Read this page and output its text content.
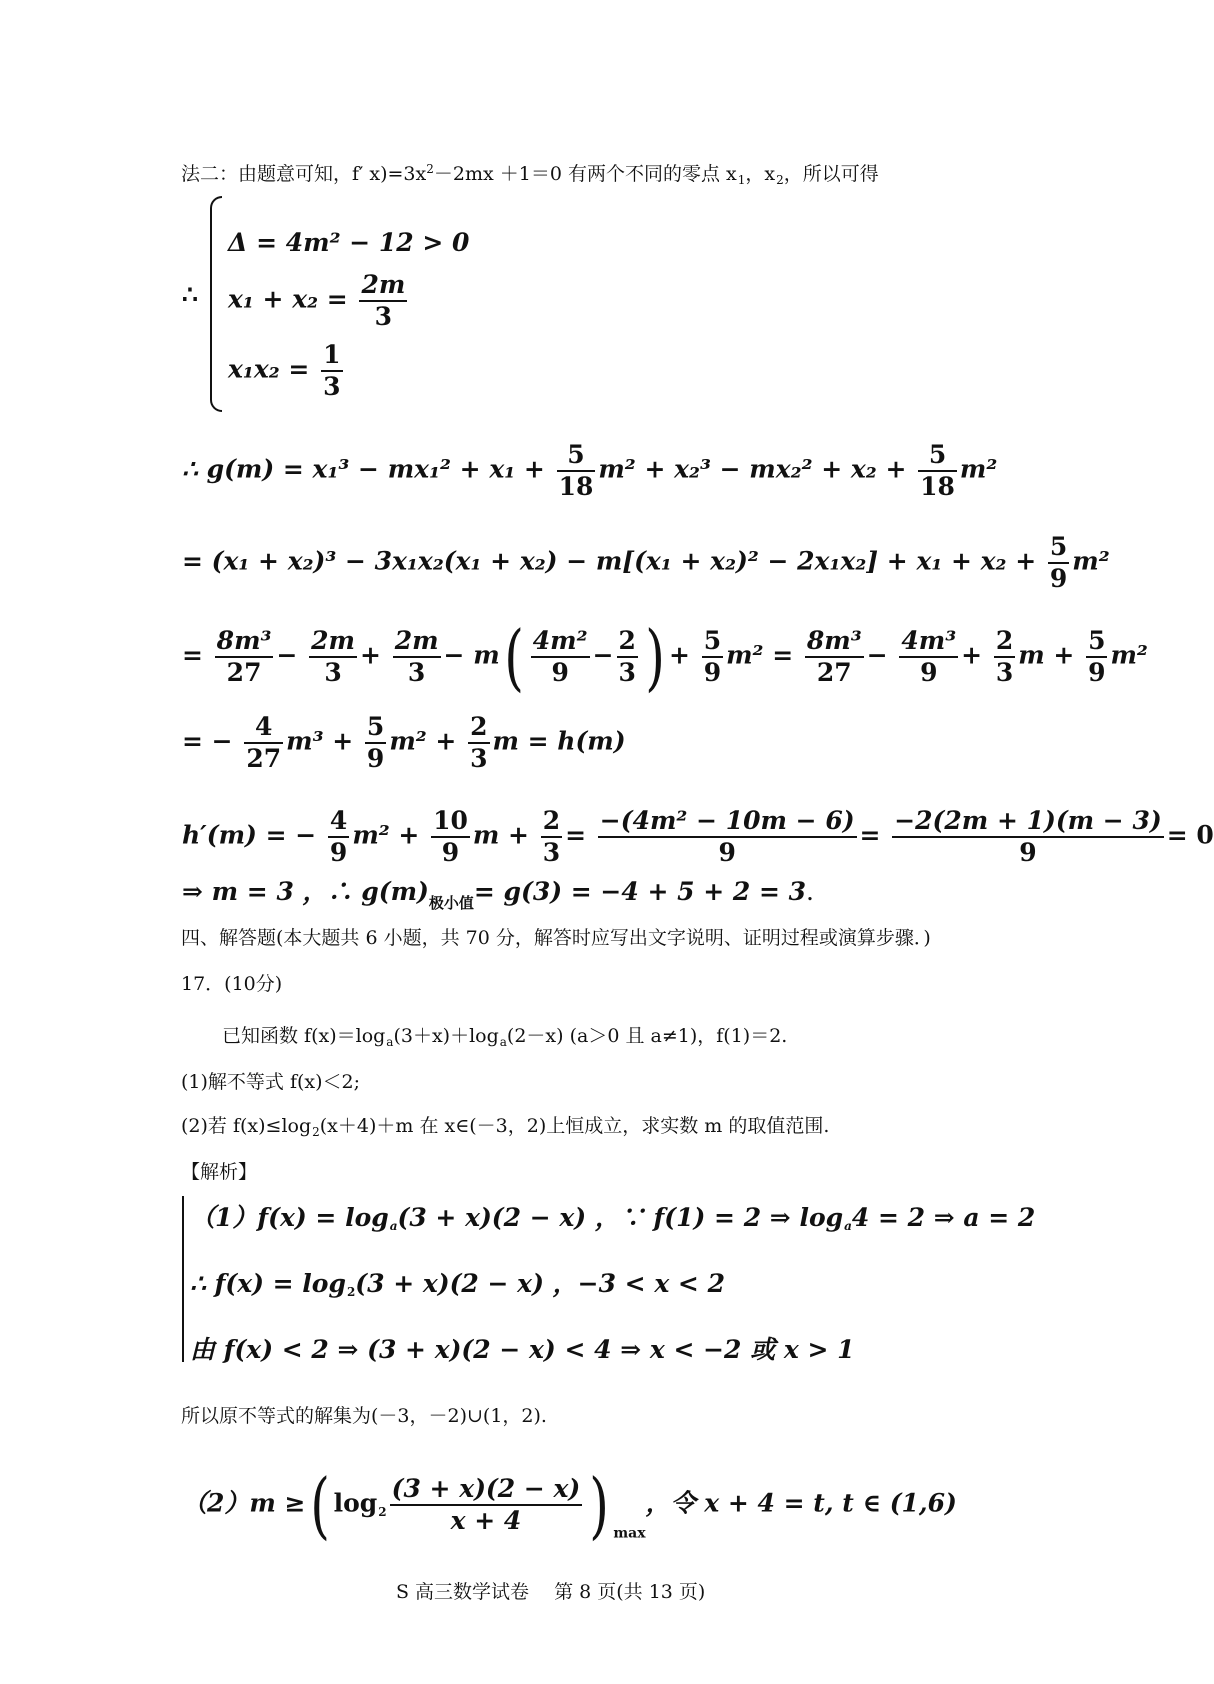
法二：由题意可知，f′ $x)=3x^2-2mx +1=0$ 有两个不同的零点 $x_1$，$x_2$，所以可得
∴
Δ = 4m² − 12 > 0
$x_1 + x_2 = \frac{2m}{3}$
$x_1x_2 = \frac{1}{3}$
∴ $g(m) = x_1^3 - mx_1^2 + x_1 + \frac{5}{18} m^2 + x_2^3 - mx_2^2 + x_2 + \frac{5}{18} m^2$
= $(x_1 + x_2)^3 - 3x_1x_2(x_1 + x_2) - m[(x_1 + x_2)^2 - 2x_1x_2] + x_1 + x_2 + \frac{5}{9} m^2$
= $\frac{\text{8m³}}{27} - \frac{2m}{3} + \frac{2m}{3} - m( \frac{\text{4m²}}{9} - \frac{2}{3}$ ) + $\frac{5}{9} m^2 = \frac{\text{8m³}}{27} - \frac{\text{4m³}}{9} + \frac{2}{3}$ $m + \frac{5}{9} m^2$
= − $\frac{4}{27} m^3 + \frac{5}{9} m^2 + \frac{2}{3}$ m = h(m)
h′(m) = − $\frac{4}{9} m^2 + \frac{10}{9}$ $m + \frac{2}{3} = \frac{\text{−(4m² − 10m − 6)}}{9} = \frac{-2(2m + 1)(m - 3)}{9} = 0$
⇒ m = 3 ，∴ $g(m)_{极小值}= g(3) = -4 + 5 + 2 = 3$.
四、解答题(本大题共 6 小题，共 70 分，解答时应写出文字说明、证明过程或演算步骤．)
17．(10分)
已知函数 $f(x)=\log_a(3+x)+\log_a(2-x)$ (a＞0 且 a≠1)，f(1)＝2.
(1)解不等式 f(x)＜2;
(2)若 $f(x)\le\log_2(x+4)+m$ 在 x∈(－3，2)上恒成立，求实数 m 的取值范围.
【解析】
$(1)f(x) = \log_a(3 + x)(2 - x)$ ，∵ f(1) = 2 ⇒ $\log_a4 = 2$ ⇒ a = 2
∴ $f(x) = \log_2(3 + x)(2 - x)$ ，−3 < x < 2
由 f(x) < 2 ⇒ (3 + x)(2 − x) < 4 ⇒ x < −2 或 x > 1
所以原不等式的解集为(－3，－2)∪(1，2).
（2）m ≥( $\log_2 \frac{(3 + x)(2 - x)}{x + 4}$ ) $_{max}$，令 x + 4 = t, t ∈ (1,6)
S 高三数学试卷　 第 8 页(共 13 页)
